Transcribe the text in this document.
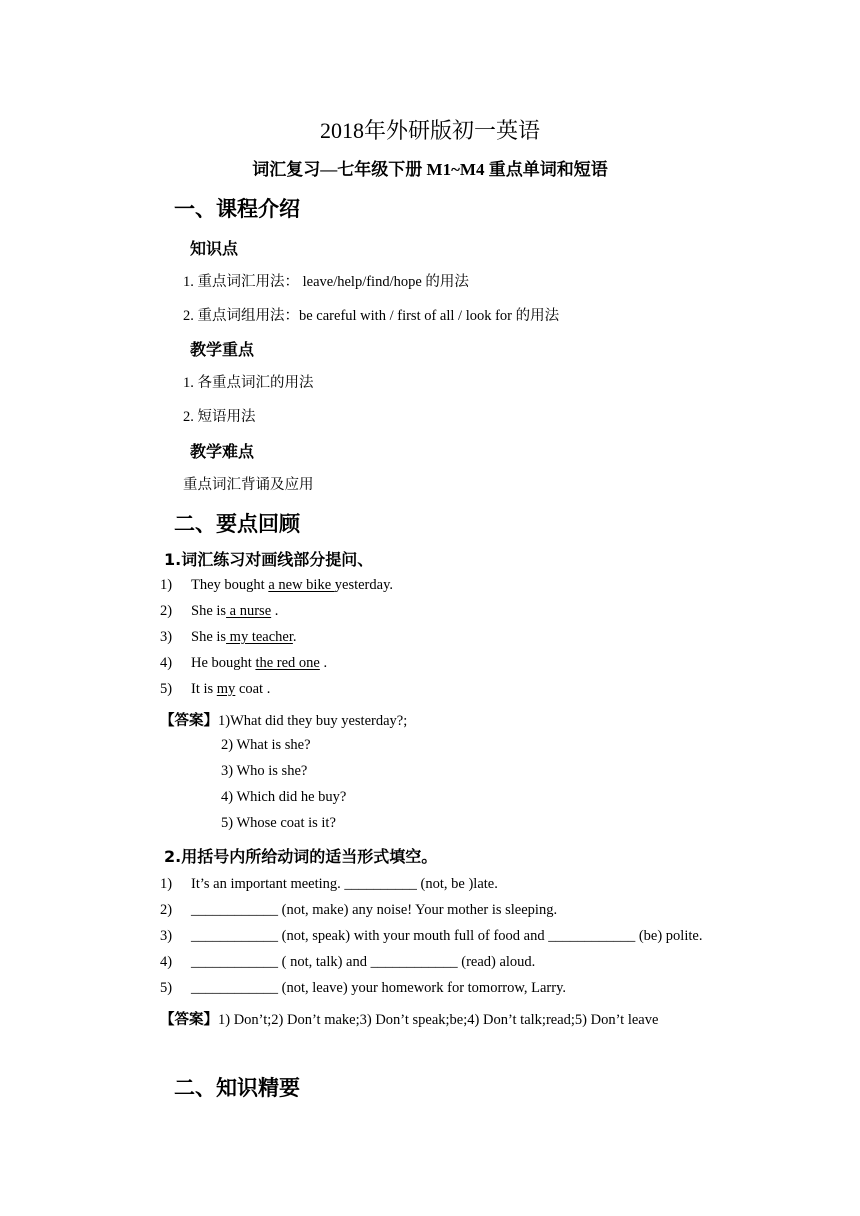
2018年外研版初一英语
词汇复习—七年级下册 M1~M4 重点单词和短语
一、课程介绍
知识点
1. 重点词汇用法： leave/help/find/hope 的用法
2. 重点词组用法：be careful with / first of all / look for 的用法
教学重点
1. 各重点词汇的用法
2. 短语用法
教学难点
重点词汇背诵及应用
二、要点回顾
1.词汇练习对画线部分提问、
1) They bought a new bike yesterday.
2) She is a nurse .
3) She is my teacher.
4) He bought the red one .
5) It is my coat .
【答案】1)What did they buy yesterday?;
2) What is she?
3) Who is she?
4) Which did he buy?
5) Whose coat is it?
2.用括号内所给动词的适当形式填空。
1) It’s an important meeting. __________ (not, be )late.
2) ____________ (not, make) any noise! Your mother is sleeping.
3) ____________ (not, speak) with your mouth full of food and ____________ (be) polite.
4) ____________ ( not, talk) and ____________ (read) aloud.
5) ____________ (not, leave) your homework for tomorrow, Larry.
【答案】1) Don’t;2) Don’t make;3) Don’t speak;be;4) Don’t talk;read;5) Don’t leave
二、知识精要
